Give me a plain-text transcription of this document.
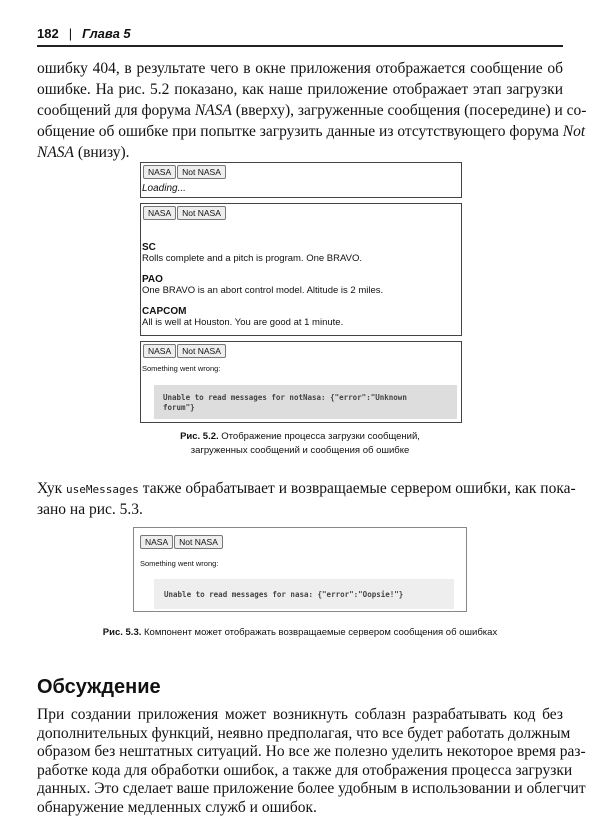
182 | Глава 5
ошибку 404, в результате чего в окне приложения отображается сообщение об
ошибке. На рис. 5.2 показано, как наше приложение отображает этап загрузки
сообщений для форума NASA (вверху), загруженные сообщения (посередине) и со-
общение об ошибке при попытке загрузить данные из отсутствующего форума Not
NASA (внизу).
NASA	Not NASA
Loading...
NASA	Not NASA
SC
Rolls complete and a pitch is program. One BRAVO.
PAO
One BRAVO is an abort control model. Altitude is 2 miles.
CAPCOM
All is well at Houston. You are good at 1 minute.
NASA	Not NASA
Something went wrong:
Unable to read messages for notNasa: {"error":"Unknown
forum"}
Рис. 5.2. Отображение процесса загрузки сообщений,
загруженных сообщений и сообщения об ошибке
Хук useMessages также обрабатывает и возвращаемые сервером ошибки, как пока-
зано на рис. 5.3.
NASA	Not NASA
Something went wrong:
Unable to read messages for nasa: {"error":"Oopsie!"}
Рис. 5.3. Компонент может отображать возвращаемые сервером сообщения об ошибках
Обсуждение
При создании приложения может возникнуть соблазн разрабатывать код без
дополнительных функций, неявно предполагая, что все будет работать должным
образом без нештатных ситуаций. Но все же полезно уделить некоторое время раз-
работке кода для обработки ошибок, а также для отображения процесса загрузки
данных. Это сделает ваше приложение более удобным в использовании и облегчит
обнаружение медленных служб и ошибок.
